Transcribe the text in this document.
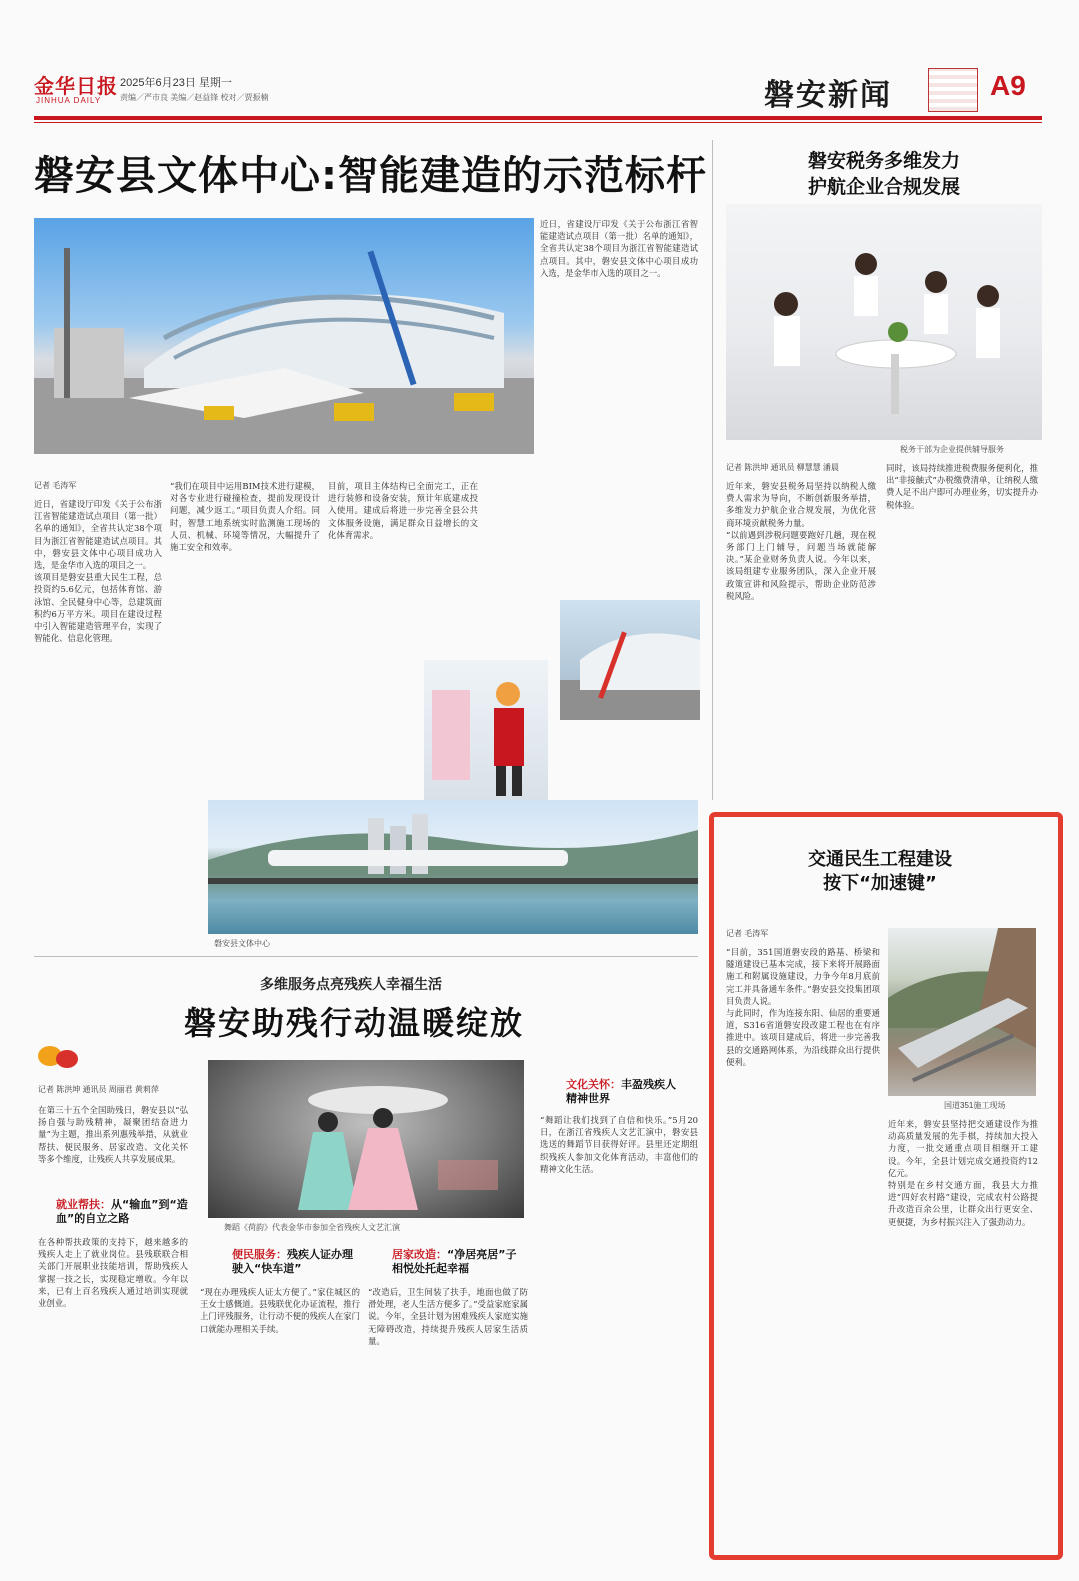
金华日报
JINHUA DAILY
2025年6月23日 星期一
责编／严市良 美编／赵益锋 校对／贾振楠	磐安新闻	A9
磐安县文体中心:智能建造的示范标杆
记者 毛涛军

近日，省建设厅印发《关于公布浙江省智能建造试点项目（第一批）名单的通知》，全省共认定38个项目为浙江省智能建造试点项目。其中，磐安县文体中心项目成功入选，是金华市入选的项目之一。

该项目是磐安县重大民生工程，总投资约5.6亿元，包括体育馆、游泳馆、全民健身中心等，总建筑面积约6万平方米。项目在建设过程中引入智能建造管理平台，实现了智能化、信息化管理。

“我们在项目中运用BIM技术进行建模，对各专业进行碰撞检查，提前发现设计问题，减少返工。”项目负责人介绍。同时，智慧工地系统实时监测施工现场的人员、机械、环境等情况，大幅提升了施工安全和效率。

目前，项目主体结构已全面完工，正在进行装修和设备安装，预计年底建成投入使用。建成后将进一步完善全县公共文体服务设施，满足群众日益增长的文化体育需求。

近日，省建设厅印发《关于公布浙江省智能建造试点项目（第一批）名单的通知》，全省共认定38个项目为浙江省智能建造试点项目。其中，磐安县文体中心项目成功入选，是金华市入选的项目之一。

磐安县文体中心
磐安税务多维发力
护航企业合规发展
税务干部为企业提供辅导服务
记者 陈洪坤 通讯员 柳慧慧 潘晨

近年来，磐安县税务局坚持以纳税人缴费人需求为导向，不断创新服务举措，多维发力护航企业合规发展，为优化营商环境贡献税务力量。

“以前遇到涉税问题要跑好几趟，现在税务部门上门辅导，问题当场就能解决。”某企业财务负责人说。今年以来，该局组建专业服务团队，深入企业开展政策宣讲和风险提示，帮助企业防范涉税风险。

同时，该局持续推进税费服务便利化，推出“非接触式”办税缴费清单，让纳税人缴费人足不出户即可办理业务，切实提升办税体验。

多维服务点亮残疾人幸福生活
磐安助残行动温暖绽放
记者 陈洪坤 通讯员 周丽君 黄莉萍
舞蹈《荷韵》代表金华市参加全省残疾人文艺汇演

在第三十五个全国助残日，磐安县以“弘扬自强与助残精神，凝聚团结奋进力量”为主题，推出系列惠残举措，从就业帮扶、便民服务、居家改造、文化关怀等多个维度，让残疾人共享发展成果。

就业帮扶：从“输血”到“造血”的自立之路

在各种帮扶政策的支持下，越来越多的残疾人走上了就业岗位。县残联联合相关部门开展职业技能培训，帮助残疾人掌握一技之长，实现稳定增收。今年以来，已有上百名残疾人通过培训实现就业创业。

便民服务：残疾人证办理驶入“快车道”

“现在办理残疾人证太方便了。”家住城区的王女士感慨道。县残联优化办证流程，推行上门评残服务，让行动不便的残疾人在家门口就能办理相关手续。

居家改造：“净居亮居”子相悦处托起幸福

“改造后，卫生间装了扶手，地面也做了防滑处理，老人生活方便多了。”受益家庭家属说。今年，全县计划为困难残疾人家庭实施无障碍改造，持续提升残疾人居家生活质量。

文化关怀：丰盈残疾人精神世界

“舞蹈让我们找到了自信和快乐。”5月20日，在浙江省残疾人文艺汇演中，磐安县选送的舞蹈节目获得好评。县里还定期组织残疾人参加文化体育活动，丰富他们的精神文化生活。

交通民生工程建设
按下“加速键”
记者 毛涛军

“目前，351国道磐安段的路基、桥梁和隧道建设已基本完成，接下来将开展路面施工和附属设施建设，力争今年8月底前完工并具备通车条件。”磐安县交投集团项目负责人说。

与此同时，作为连接东阳、仙居的重要通道，S316省道磐安段改建工程也在有序推进中。该项目建成后，将进一步完善我县的交通路网体系，为沿线群众出行提供便利。

国道351施工现场

近年来，磐安县坚持把交通建设作为推动高质量发展的先手棋，持续加大投入力度，一批交通重点项目相继开工建设。今年，全县计划完成交通投资约12亿元。

特别是在乡村交通方面，我县大力推进“四好农村路”建设，完成农村公路提升改造百余公里，让群众出行更安全、更便捷，为乡村振兴注入了强劲动力。
